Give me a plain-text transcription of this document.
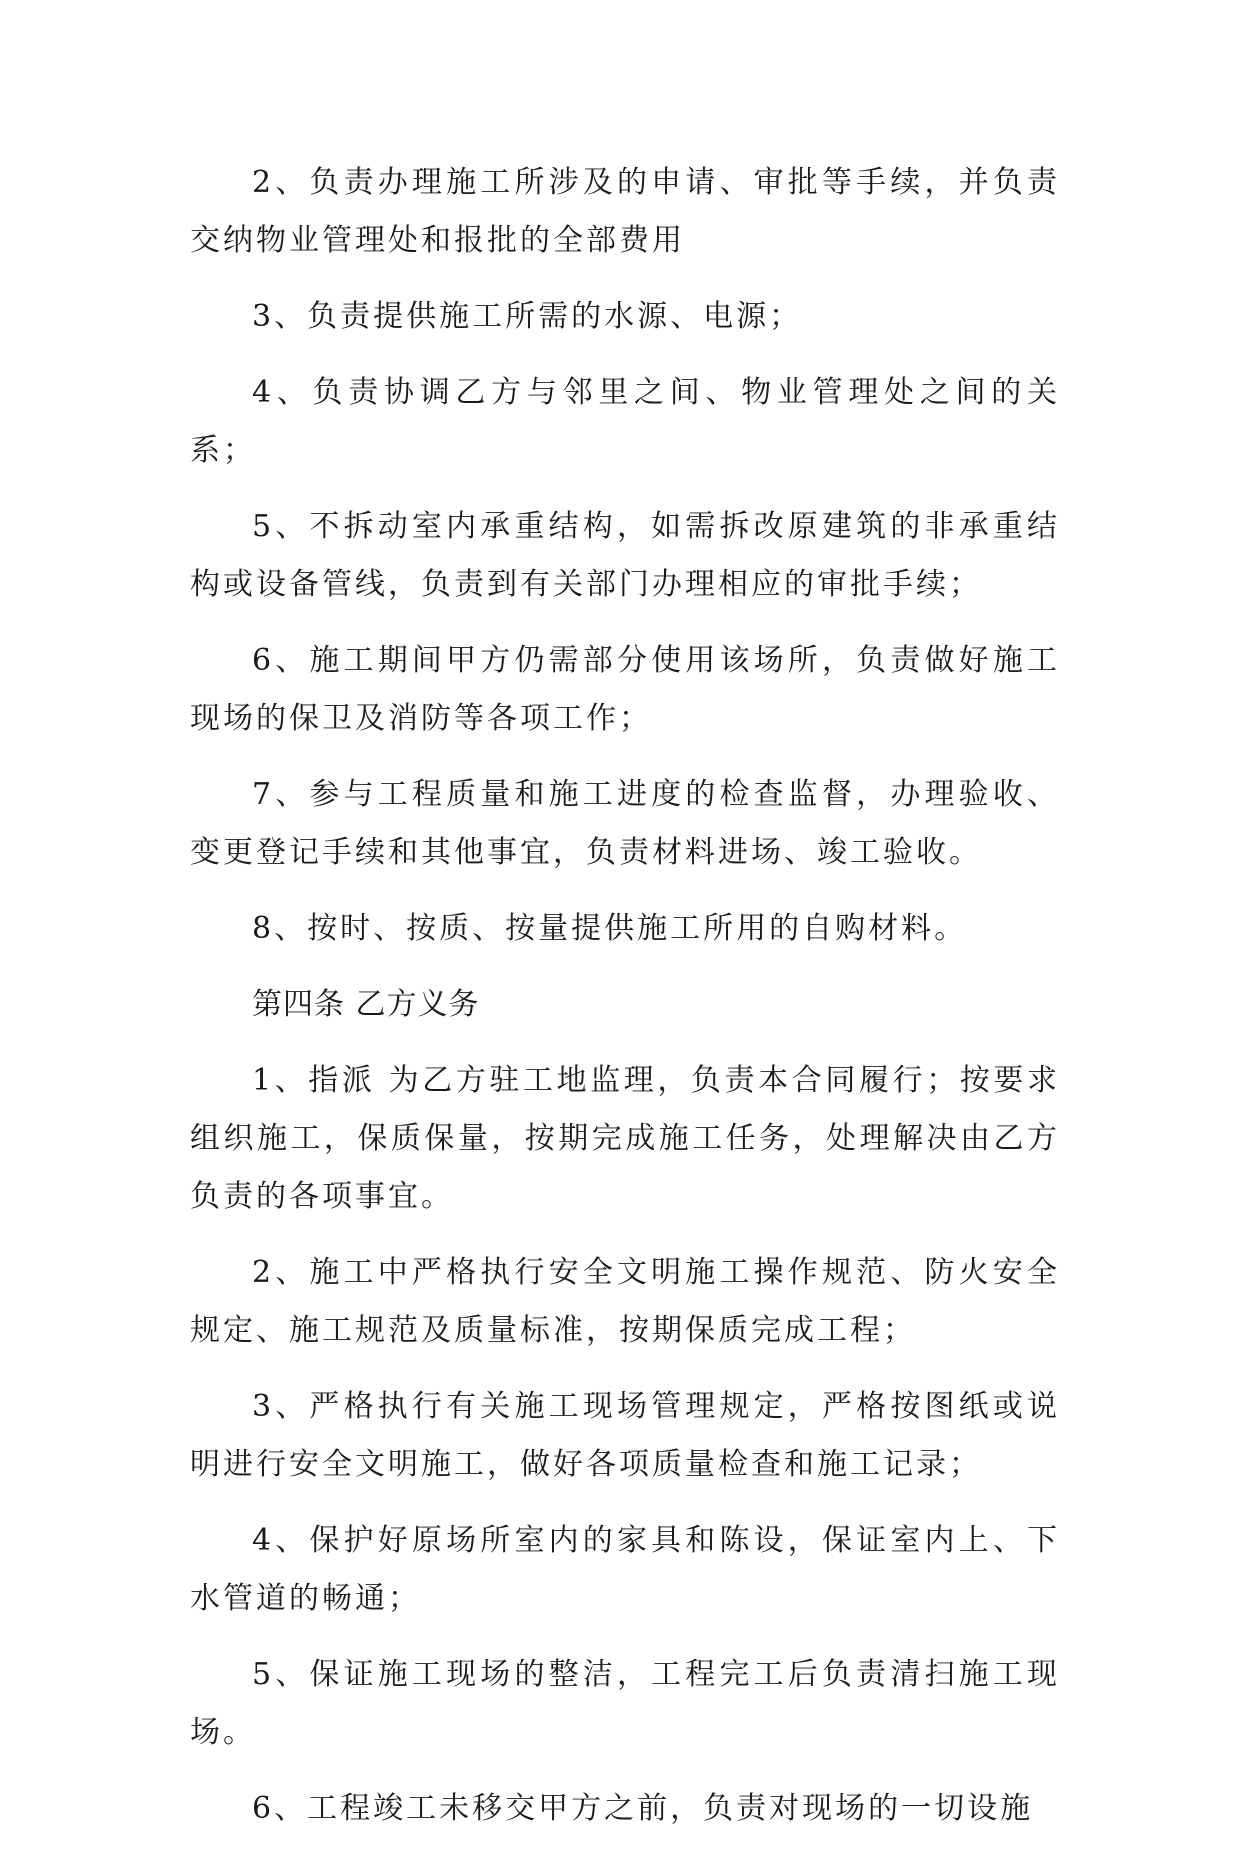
2、负责办理施工所涉及的申请、审批等手续，并负责交纳物业管理处和报批的全部费用

3、负责提供施工所需的水源、电源；

4、负责协调乙方与邻里之间、物业管理处之间的关系；

5、不拆动室内承重结构，如需拆改原建筑的非承重结构或设备管线，负责到有关部门办理相应的审批手续；

6、施工期间甲方仍需部分使用该场所，负责做好施工现场的保卫及消防等各项工作；

7、参与工程质量和施工进度的检查监督，办理验收、变更登记手续和其他事宜，负责材料进场、竣工验收。

8、按时、按质、按量提供施工所用的自购材料。

第四条 乙方义务

1、指派 为乙方驻工地监理，负责本合同履行；按要求组织施工，保质保量，按期完成施工任务，处理解决由乙方负责的各项事宜。

2、施工中严格执行安全文明施工操作规范、防火安全规定、施工规范及质量标准，按期保质完成工程；

3、严格执行有关施工现场管理规定，严格按图纸或说明进行安全文明施工，做好各项质量检查和施工记录；

4、保护好原场所室内的家具和陈设，保证室内上、下水管道的畅通；

5、保证施工现场的整洁，工程完工后负责清扫施工现场。

6、工程竣工未移交甲方之前，负责对现场的一切设施
